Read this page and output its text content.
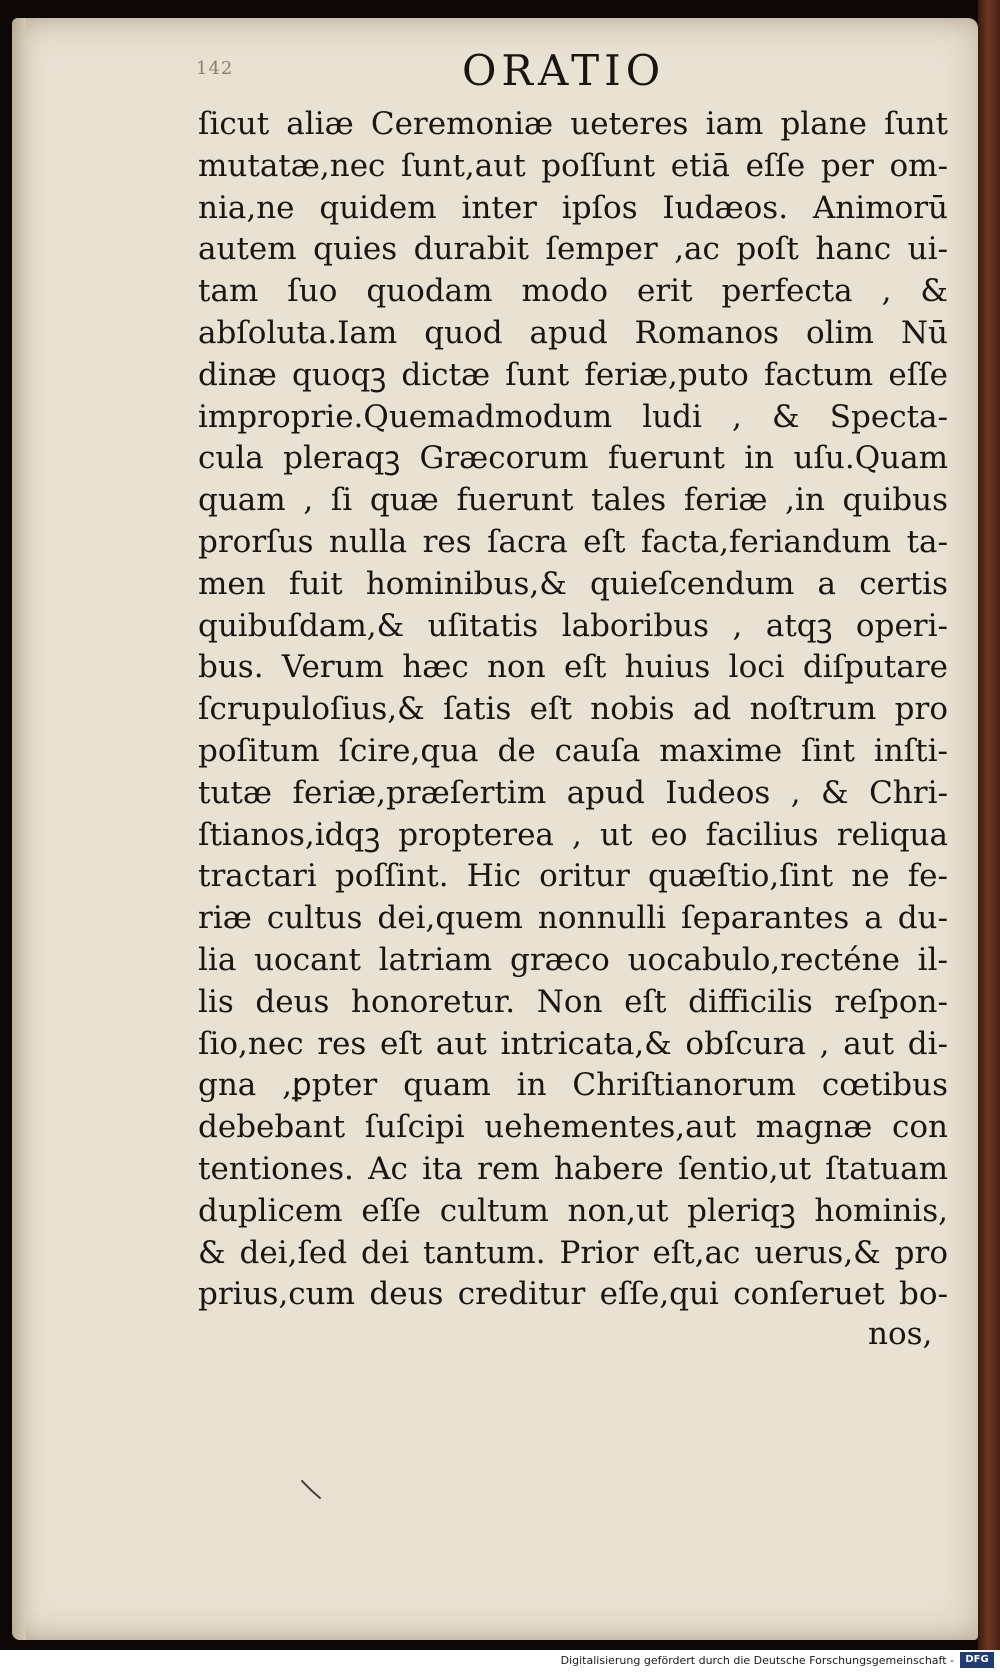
142	ORATIO
ſicut aliæ Ceremoniæ ueteres iam plane ſunt
mutatæ,nec ſunt,aut poſſunt etiā eſſe per om-
nia,ne quidem inter ipſos Iudæos. Animorū
autem quies durabit ſemper ,ac poſt hanc ui-
tam ſuo quodam modo erit perfecta , &
abſoluta.Iam quod apud Romanos olim Nū
dinæ quoqꝫ dictæ ſunt feriæ,puto factum eſſe
improprie.Quemadmodum ludi , & Specta-
cula pleraqꝫ Græcorum fuerunt in uſu.Quam
quam , ſi quæ fuerunt tales feriæ ,in quibus
prorſus nulla res ſacra eſt facta,feriandum ta-
men fuit hominibus,& quieſcendum a certis
quibuſdam,& uſitatis laboribus , atqꝫ operi-
bus. Verum hæc non eſt huius loci diſputare
ſcrupuloſius,& ſatis eſt nobis ad noſtrum pro
poſitum ſcire,qua de cauſa maxime ſint inſti-
tutæ feriæ,præſertim apud Iudeos , & Chri-
ſtianos,idqꝫ propterea , ut eo facilius reliqua
tractari poſſint. Hic oritur quæſtio,ſint ne fe-
riæ cultus dei,quem nonnulli ſeparantes a du-
lia uocant latriam græco uocabulo,recténe il-
lis deus honoretur. Non eſt difficilis reſpon-
ſio,nec res eſt aut intricata,& obſcura , aut di-
gna ,ꝑpter quam in Chriſtianorum cœtibus
debebant ſuſcipi uehementes,aut magnæ con
tentiones. Ac ita rem habere ſentio,ut ſtatuam
duplicem eſſe cultum non,ut pleriqꝫ hominis,
& dei,ſed dei tantum. Prior eſt,ac uerus,& pro
prius,cum deus creditur eſſe,qui conſeruet bo-
nos,
Digitalisierung gefördert durch die Deutsche Forschungsgemeinschaft -	DFG
